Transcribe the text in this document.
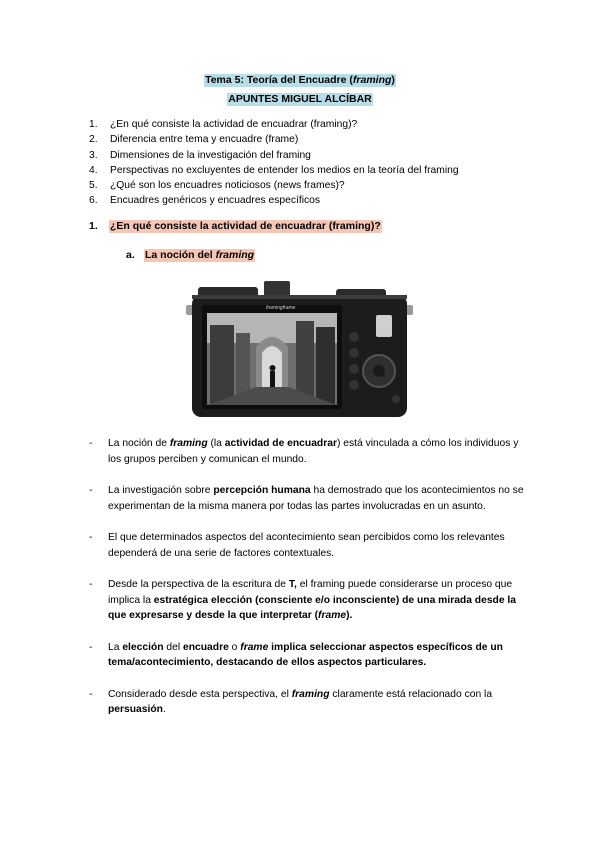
Tema 5: Teoría del Encuadre (framing)
APUNTES MIGUEL ALCÍBAR
1.	¿En qué consiste la actividad de encuadrar (framing)?
2.	Diferencia entre tema y encuadre (frame)
3.	Dimensiones de la investigación del framing
4.	Perspectivas no excluyentes de entender los medios en la teoría del framing
5.	¿Qué son los encuadres noticiosos (news frames)?
6.	Encuadres genéricos y encuadres específicos
1.	¿En qué consiste la actividad de encuadrar (framing)?
a. La noción del framing
framingframe
-	La noción de framing (la actividad de encuadrar) está vinculada a cómo los individuos y los grupos perciben y comunican el mundo.
-	La investigación sobre percepción humana ha demostrado que los acontecimientos no se experimentan de la misma manera por todas las partes involucradas en un asunto.
-	El que determinados aspectos del acontecimiento sean percibidos como los relevantes dependerá de una serie de factores contextuales.
-	Desde la perspectiva de la escritura de T, el framing puede considerarse un proceso que implica la estratégica elección (consciente e/o inconsciente) de una mirada desde la que expresarse y desde la que interpretar (frame).
-	La elección del encuadre o frame implica seleccionar aspectos específicos de un tema/acontecimiento, destacando de ellos aspectos particulares.
-	Considerado desde esta perspectiva, el framing claramente está relacionado con la persuasión.
